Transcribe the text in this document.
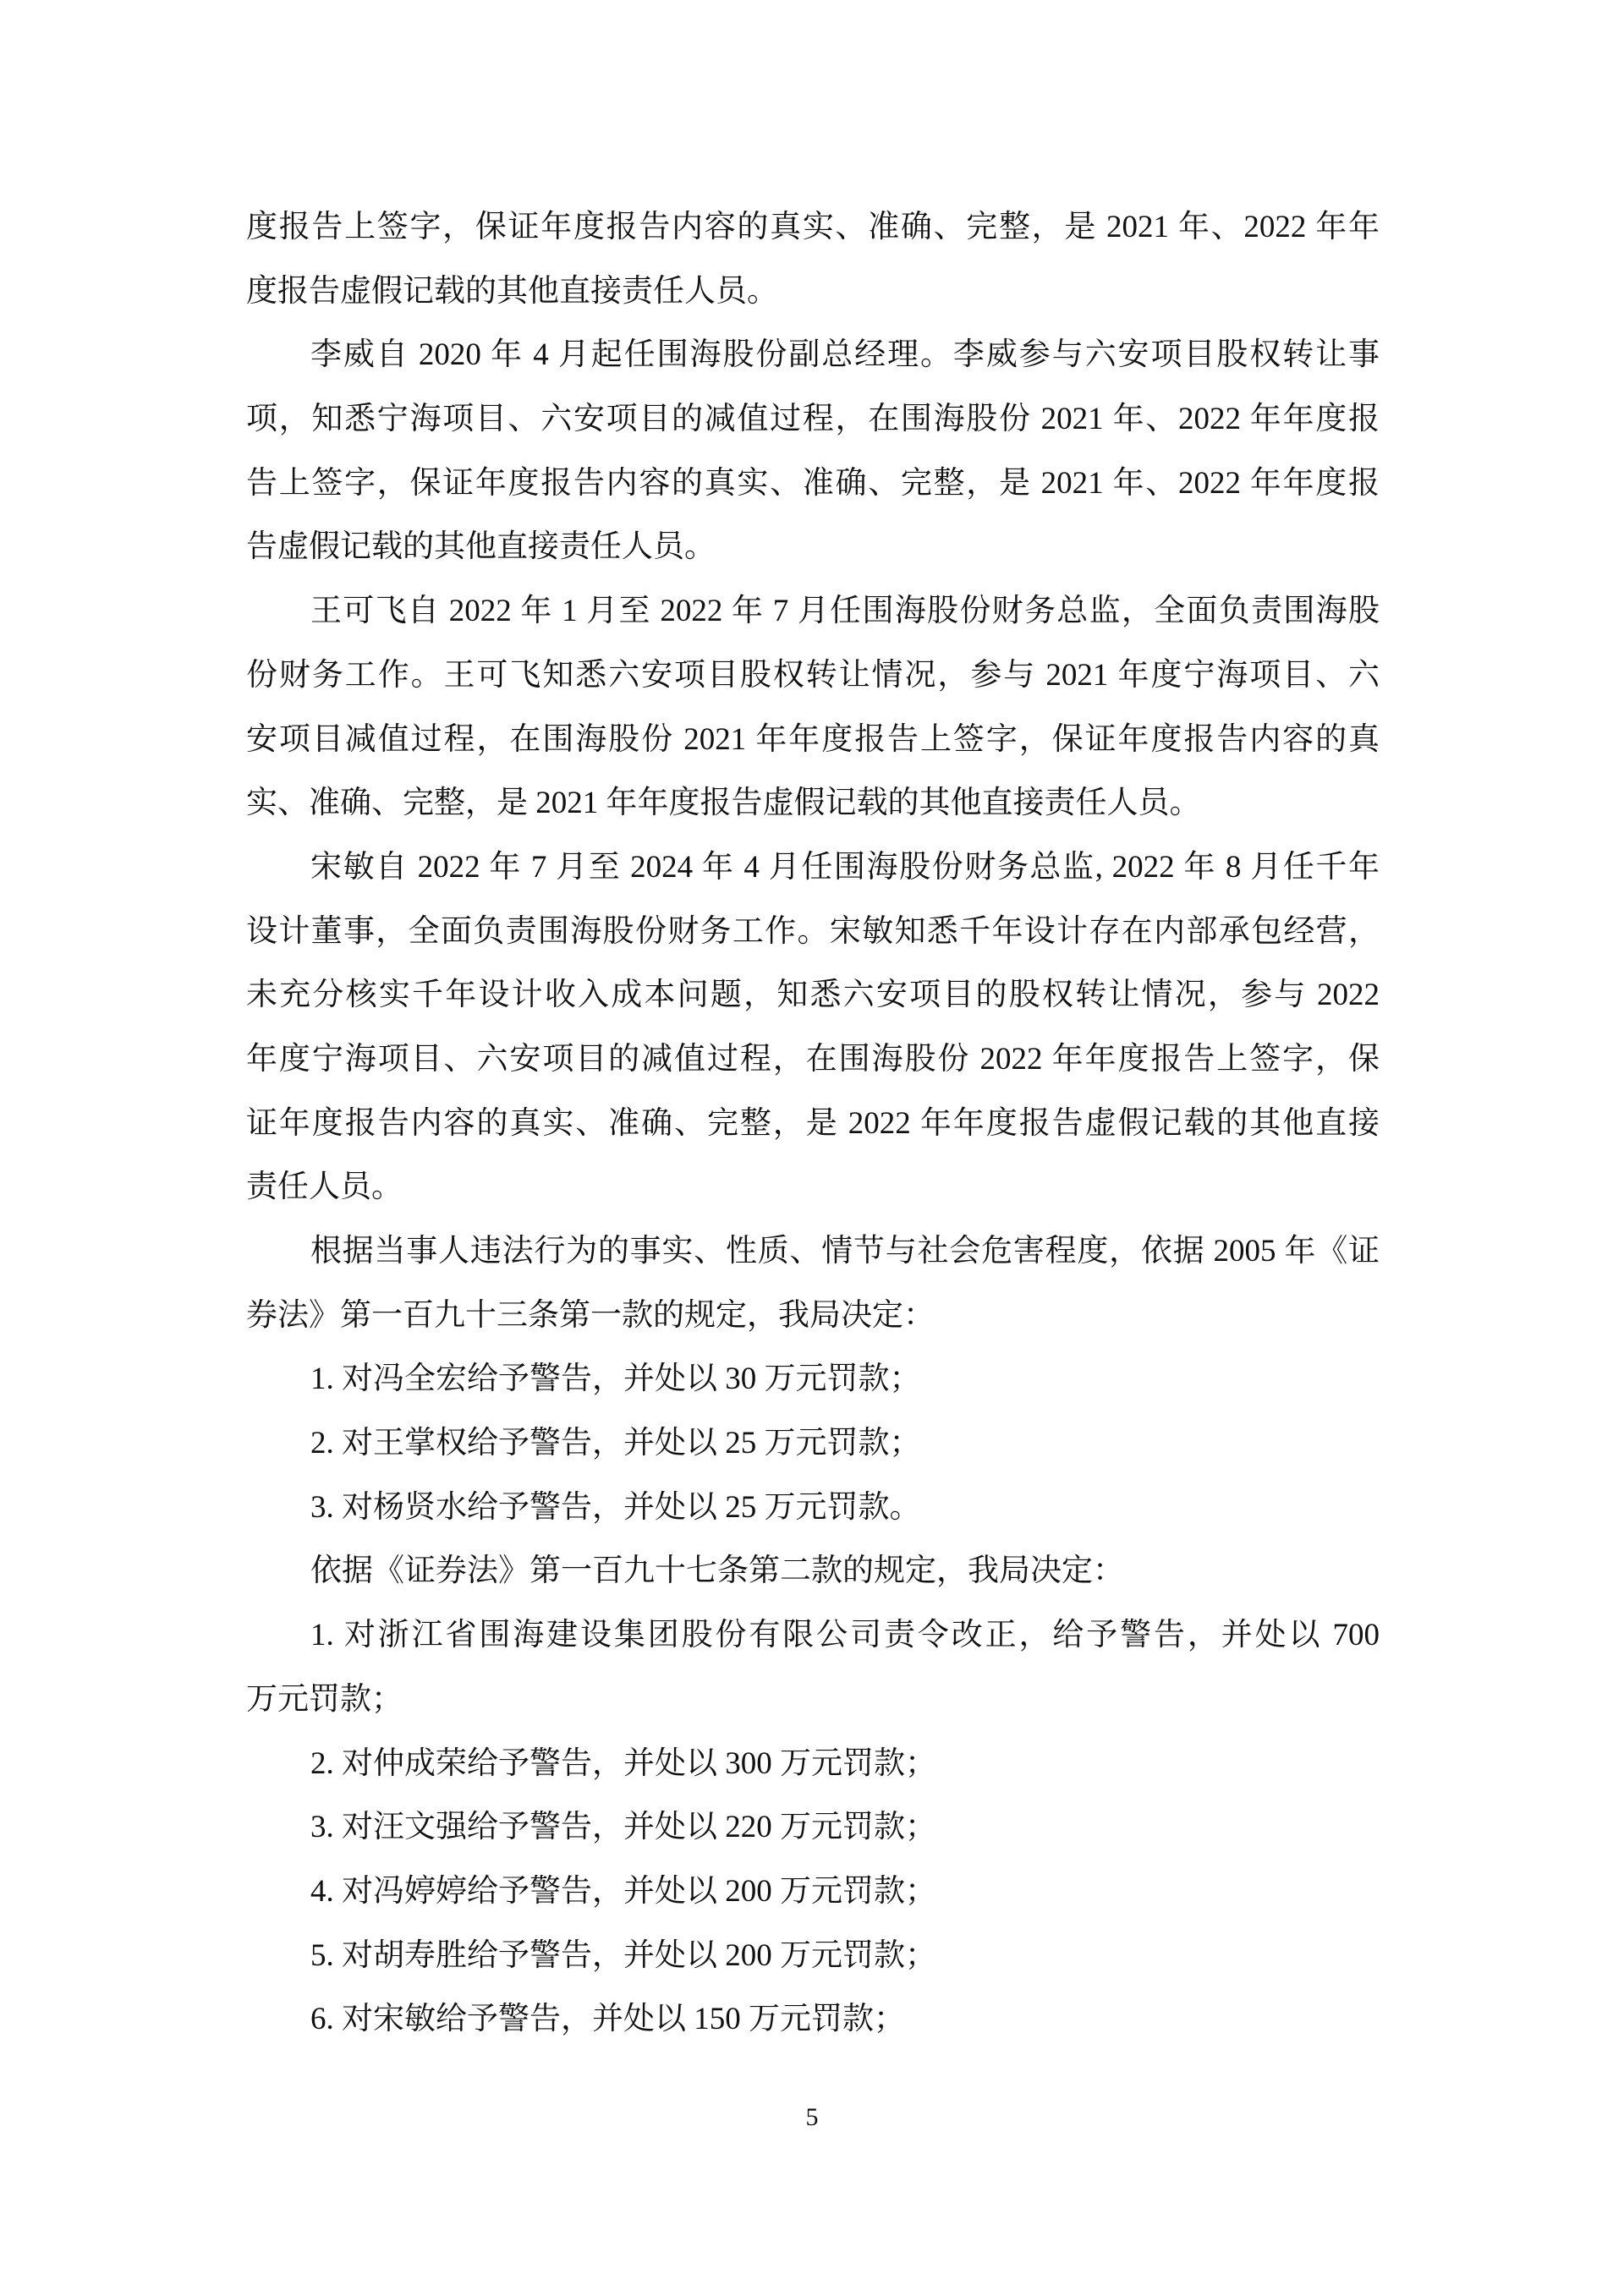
度报告上签字，保证年度报告内容的真实、准确、完整，是 2021 年、2022 年年
度报告虚假记载的其他直接责任人员。
李威自 2020 年 4 月起任围海股份副总经理。李威参与六安项目股权转让事
项，知悉宁海项目、六安项目的减值过程，在围海股份 2021 年、2022 年年度报
告上签字，保证年度报告内容的真实、准确、完整，是 2021 年、2022 年年度报
告虚假记载的其他直接责任人员。
王可飞自 2022 年 1 月至 2022 年 7 月任围海股份财务总监，全面负责围海股
份财务工作。王可飞知悉六安项目股权转让情况，参与 2021 年度宁海项目、六
安项目减值过程，在围海股份 2021 年年度报告上签字，保证年度报告内容的真
实、准确、完整，是 2021 年年度报告虚假记载的其他直接责任人员。
宋敏自 2022 年 7 月至 2024 年 4 月任围海股份财务总监, 2022 年 8 月任千年
设计董事，全面负责围海股份财务工作。宋敏知悉千年设计存在内部承包经营，
未充分核实千年设计收入成本问题，知悉六安项目的股权转让情况，参与 2022
年度宁海项目、六安项目的减值过程，在围海股份 2022 年年度报告上签字，保
证年度报告内容的真实、准确、完整，是 2022 年年度报告虚假记载的其他直接
责任人员。
根据当事人违法行为的事实、性质、情节与社会危害程度，依据 2005 年《证
券法》第一百九十三条第一款的规定，我局决定：
1. 对冯全宏给予警告，并处以 30 万元罚款；
2. 对王掌权给予警告，并处以 25 万元罚款；
3. 对杨贤水给予警告，并处以 25 万元罚款。
依据《证券法》第一百九十七条第二款的规定，我局决定：
1. 对浙江省围海建设集团股份有限公司责令改正，给予警告，并处以 700
万元罚款；
2. 对仲成荣给予警告，并处以 300 万元罚款；
3. 对汪文强给予警告，并处以 220 万元罚款；
4. 对冯婷婷给予警告，并处以 200 万元罚款；
5. 对胡寿胜给予警告，并处以 200 万元罚款；
6. 对宋敏给予警告，并处以 150 万元罚款；
5
